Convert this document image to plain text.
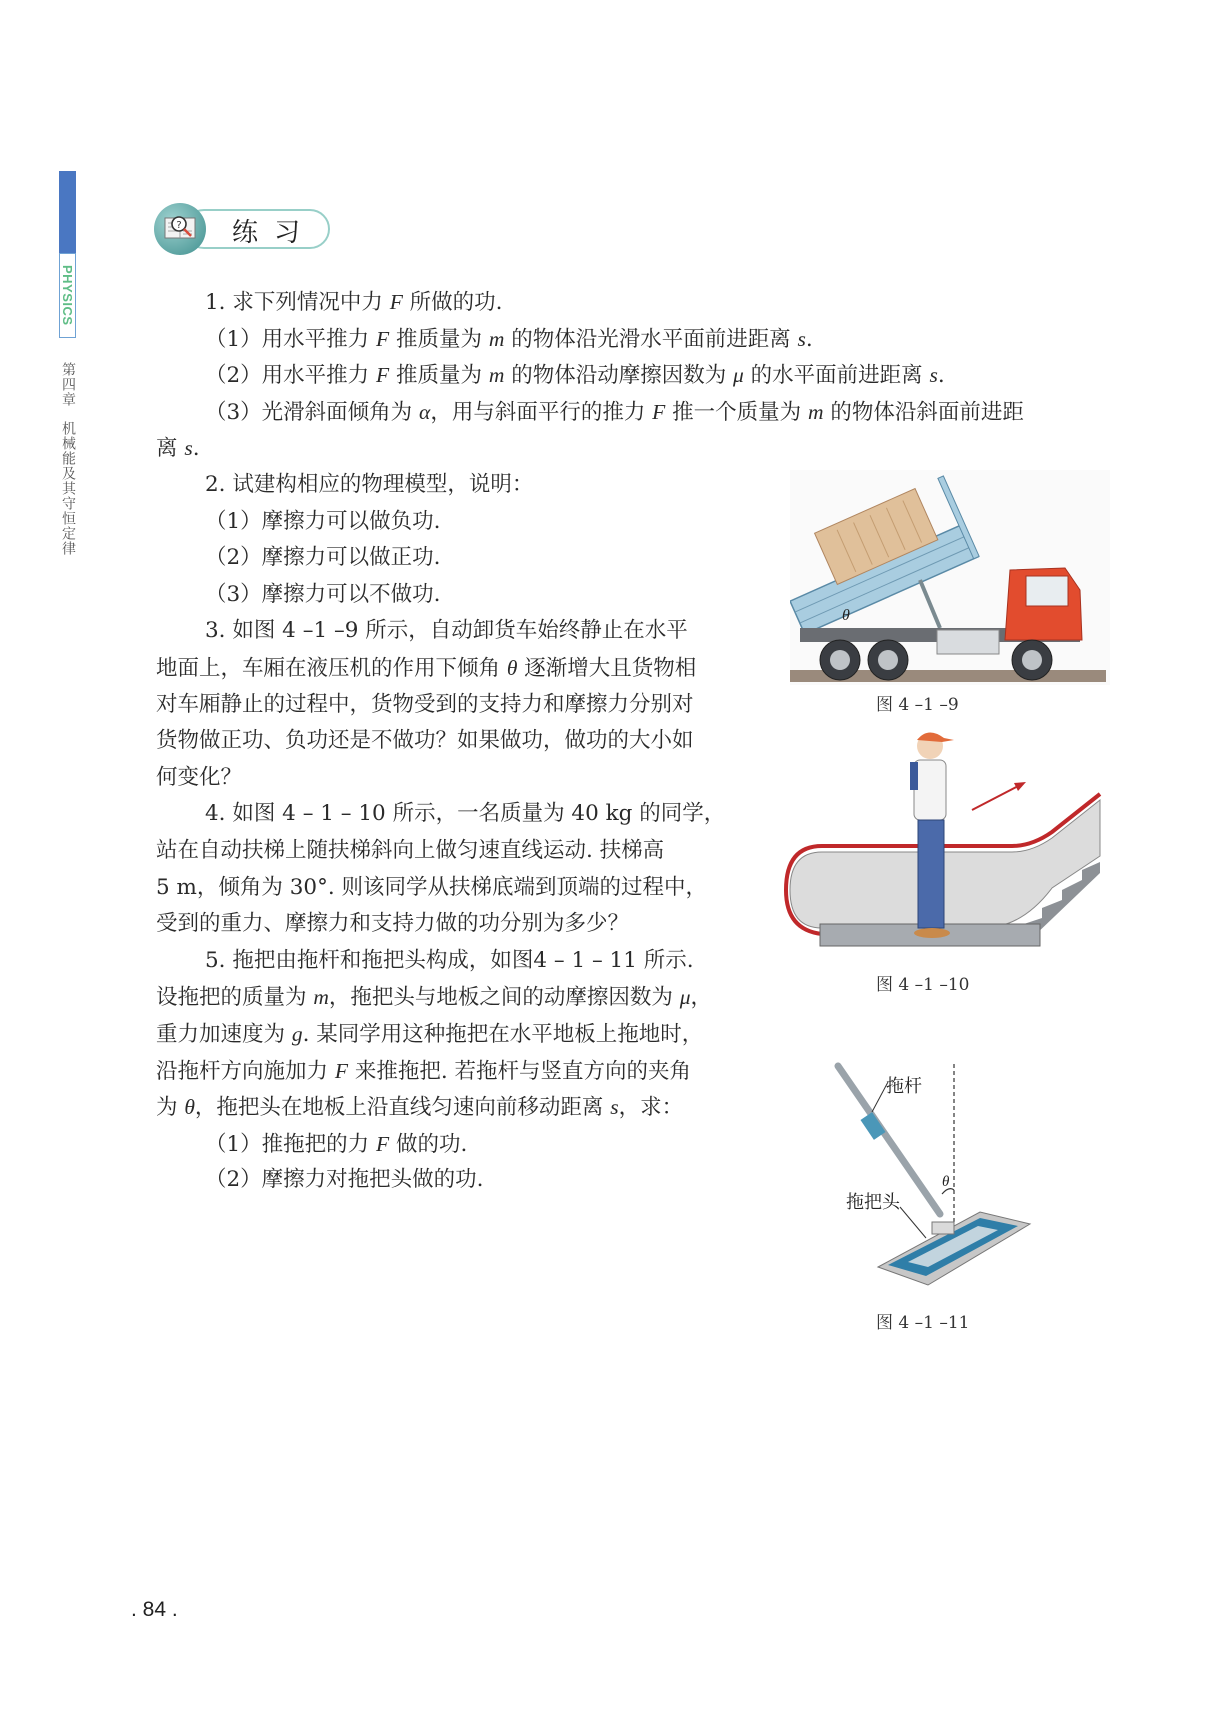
PHYSICS
第四章机械能及其守恒定律
? 练习
1. 求下列情况中力 F 所做的功.
（1）用水平推力 F 推质量为 m 的物体沿光滑水平面前进距离 s.
（2）用水平推力 F 推质量为 m 的物体沿动摩擦因数为 μ 的水平面前进距离 s.
（3）光滑斜面倾角为 α，用与斜面平行的推力 F 推一个质量为 m 的物体沿斜面前进距
离 s.
2. 试建构相应的物理模型，说明：
（1）摩擦力可以做负功.
（2）摩擦力可以做正功.
（3）摩擦力可以不做功.
3. 如图 4 –1 –9 所示，自动卸货车始终静止在水平
地面上，车厢在液压机的作用下倾角 θ 逐渐增大且货物相
对车厢静止的过程中，货物受到的支持力和摩擦力分别对
货物做正功、负功还是不做功？如果做功，做功的大小如
何变化？
4. 如图 4 – 1 – 10 所示，一名质量为 40 kg 的同学，
站在自动扶梯上随扶梯斜向上做匀速直线运动. 扶梯高
5 m，倾角为 30°. 则该同学从扶梯底端到顶端的过程中，
受到的重力、摩擦力和支持力做的功分别为多少？
5. 拖把由拖杆和拖把头构成，如图4 – 1 – 11 所示.
设拖把的质量为 m，拖把头与地板之间的动摩擦因数为 μ，
重力加速度为 g. 某同学用这种拖把在水平地板上拖地时，
沿拖杆方向施加力 F 来推拖把. 若拖杆与竖直方向的夹角
为 θ，拖把头在地板上沿直线匀速向前移动距离 s，求：
（1）推拖把的力 F 做的功.
（2）摩擦力对拖把头做的功.
θ
图 4 –1 –9
图 4 –1 –10
拖杆
拖把头
θ
图 4 –1 –11
. 84 .
